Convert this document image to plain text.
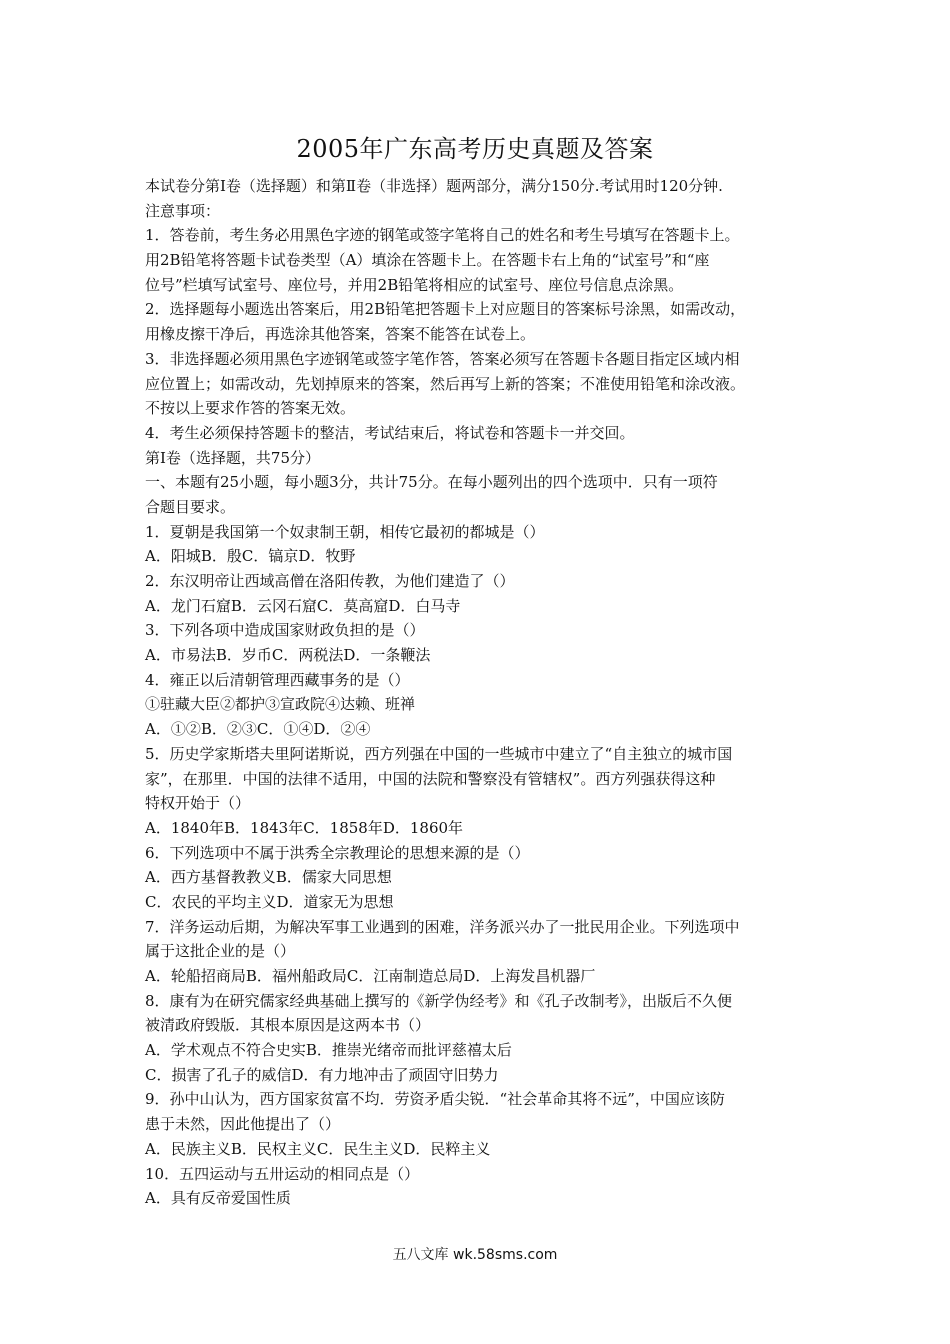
2005年广东高考历史真题及答案
本试卷分第Ⅰ卷（选择题）和第Ⅱ卷（非选择）题两部分，满分150分.考试用时120分钟.
注意事项：
1．答卷前，考生务必用黑色字迹的钢笔或签字笔将自己的姓名和考生号填写在答题卡上。
用2B铅笔将答题卡试卷类型（A）填涂在答题卡上。在答题卡右上角的“试室号”和“座
位号”栏填写试室号、座位号，并用2B铅笔将相应的试室号、座位号信息点涂黑。
2．选择题每小题选出答案后，用2B铅笔把答题卡上对应题目的答案标号涂黑，如需改动，
用橡皮擦干净后，再选涂其他答案，答案不能答在试卷上。
3．非选择题必须用黑色字迹钢笔或签字笔作答，答案必须写在答题卡各题目指定区域内相
应位置上；如需改动，先划掉原来的答案，然后再写上新的答案；不准使用铅笔和涂改液。
不按以上要求作答的答案无效。
4．考生必须保持答题卡的整洁，考试结束后，将试卷和答题卡一并交回。
第Ⅰ卷（选择题，共75分）
一、本题有25小题，每小题3分，共计75分。在每小题列出的四个选项中．只有一项符
合题目要求。
1．夏朝是我国第一个奴隶制王朝，相传它最初的都城是（）
A．阳城B．殷C．镐京D．牧野
2．东汉明帝让西域高僧在洛阳传教，为他们建造了（）
A．龙门石窟B．云冈石窟C．莫高窟D．白马寺
3．下列各项中造成国家财政负担的是（）
A．市易法B．岁币C．两税法D．一条鞭法
4．雍正以后清朝管理西藏事务的是（）
①驻藏大臣②都护③宣政院④达赖、班禅
A．①②B．②③C．①④D．②④
5．历史学家斯塔夫里阿诺斯说，西方列强在中国的一些城市中建立了“自主独立的城市国
家”，在那里．中国的法律不适用，中国的法院和警察没有管辖权”。西方列强获得这种
特权开始于（）
A．1840年B．1843年C．1858年D．1860年
6．下列选项中不属于洪秀全宗教理论的思想来源的是（）
A．西方基督教教义B．儒家大同思想
C．农民的平均主义D．道家无为思想
7．洋务运动后期，为解决军事工业遇到的困难，洋务派兴办了一批民用企业。下列选项中
属于这批企业的是（）
A．轮船招商局B．福州船政局C．江南制造总局D．上海发昌机器厂
8．康有为在研究儒家经典基础上撰写的《新学伪经考》和《孔子改制考》，出版后不久便
被清政府毁版．其根本原因是这两本书（）
A．学术观点不符合史实B．推崇光绪帝而批评慈禧太后
C．损害了孔子的威信D．有力地冲击了顽固守旧势力
9．孙中山认为，西方国家贫富不均．劳资矛盾尖锐．“社会革命其将不远”，中国应该防
患于未然，因此他提出了（）
A．民族主义B．民权主义C．民生主义D．民粹主义
10．五四运动与五卅运动的相同点是（）
A．具有反帝爱国性质
五八文库 wk.58sms.com
